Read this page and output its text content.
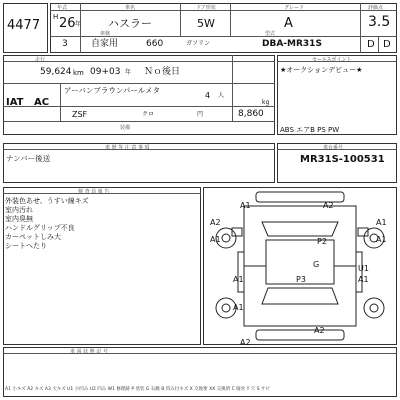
4477
年式	車名	ドア形状	グレード	評価点
H 26 年 ハスラー	5W	A	3.5
D D
車検	型式
3	自家用	660	ガソリン	DBA-MR31S
走行
59,624 km 09+03 年 Ｎｏ後日
IAT AC
アーバンブラウンパールメタ
4 人
kg
ZSF	クロ	円	8,860
装備
セールスポイント
★オークションデビュー★
ABS エアB PS PW
車 歴 等 注 意 事 項
ナンバー後送
車台番号
MR31S-100531
検 査 員 報 告
外装色あせ、うすい線キズ
室内汚れ
室内臭無
ハンドルグリップ不良
カーペットしみ大
シートへたり
A1	A2
A2	A1
A1	A1
P2
G
P3
U1
A1
A1
A1
A2
A2
車 両 状 態 記 号
A1 小キズ A2 キズ A3 大キズ U1 小凹み U2 凹み W1 修理跡 P 塗装 G 石跳 B 凹み付キズ X 交換要 XX 交換済 C 腐食 Y 穴 S サビ
